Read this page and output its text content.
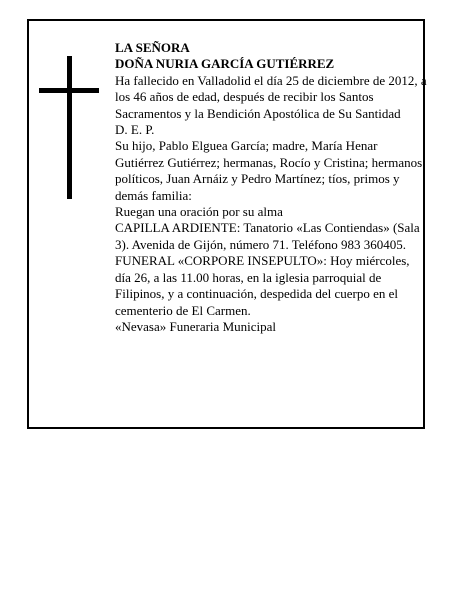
LA SEÑORA

DOÑA NURIA GARCÍA GUTIÉRREZ

Ha fallecido en Valladolid el día 25 de diciembre de 2012, a los 46 años de edad, después de recibir los Santos Sacramentos y la Bendición Apostólica de Su Santidad

D. E. P.

Su hijo, Pablo Elguea García; madre, María Henar Gutiérrez Gutiérrez; hermanas, Rocío y Cristina; hermanos políticos, Juan Arnáiz y Pedro Martínez; tíos, primos y demás familia:

Ruegan una oración por su alma

CAPILLA ARDIENTE: Tanatorio «Las Contiendas» (Sala 3). Avenida de Gijón, número 71. Teléfono 983 360405.

FUNERAL «CORPORE INSEPULTO»: Hoy miércoles, día 26, a las 11.00 horas, en la iglesia parroquial de Filipinos, y a continuación, despedida del cuerpo en el cementerio de El Carmen.

«Nevasa» Funeraria Municipal
